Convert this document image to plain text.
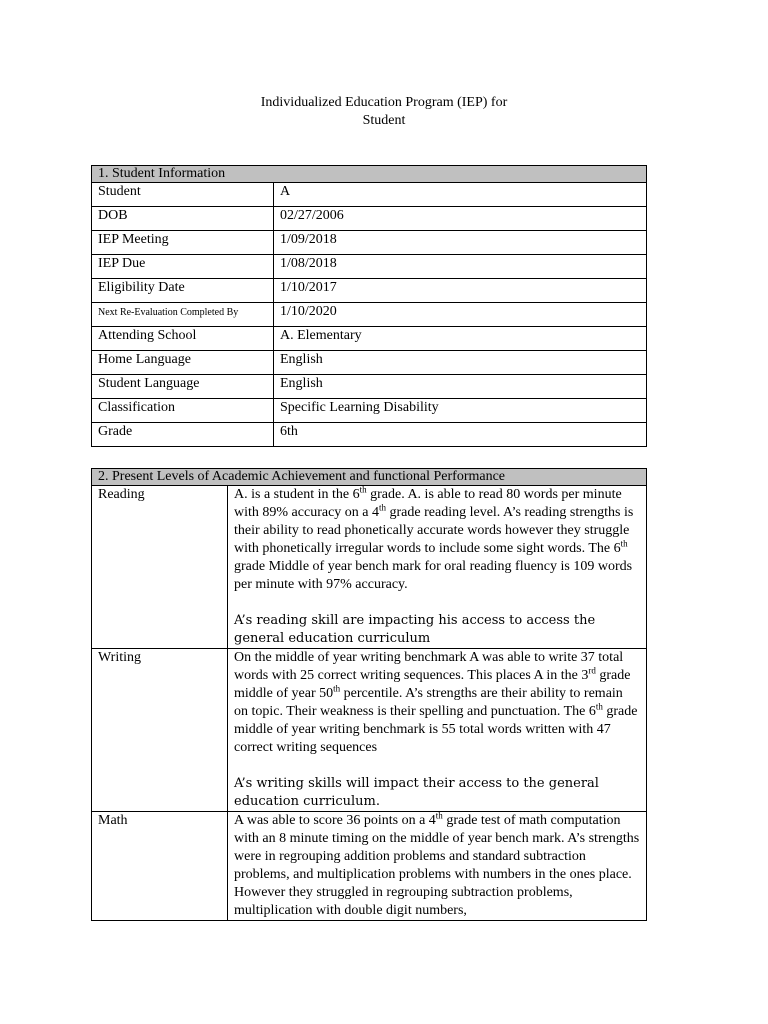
Individualized Education Program (IEP) for
Student
1. Student Information	
Student	A
DOB	02/27/2006
IEP Meeting	1/09/2018
IEP Due	1/08/2018
Eligibility Date	1/10/2017
Next Re-Evaluation Completed By	1/10/2020
Attending School	A. Elementary
Home Language	English
Student Language	English
Classification	Specific Learning Disability
Grade	6th
2. Present Levels of Academic Achievement and functional Performance	
Reading	A. is a student in the 6th grade. A. is able to read 80 words per minute with 89% accuracy on a 4th grade reading level. A’s reading strengths is their ability to read phonetically accurate words however they struggle with phonetically irregular words to include some sight words. The 6th grade Middle of year bench mark for oral reading fluency is 109 words per minute with 97% accuracy.
A’s reading skill are impacting his access to access the general education curriculum

Writing	On the middle of year writing benchmark A was able to write 37 total words with 25 correct writing sequences. This places A in the 3rd grade middle of year 50th percentile. A’s strengths are their ability to remain on topic. Their weakness is their spelling and punctuation. The 6th grade middle of year writing benchmark is 55 total words written with 47 correct writing sequences
A’s writing skills will impact their access to the general education curriculum.

Math	A was able to score 36 points on a 4th grade test of math computation with an 8 minute timing on the middle of year bench mark. A’s strengths were in regrouping addition problems and standard subtraction problems, and multiplication problems with numbers in the ones place. However they struggled in regrouping subtraction problems, multiplication with double digit numbers,
